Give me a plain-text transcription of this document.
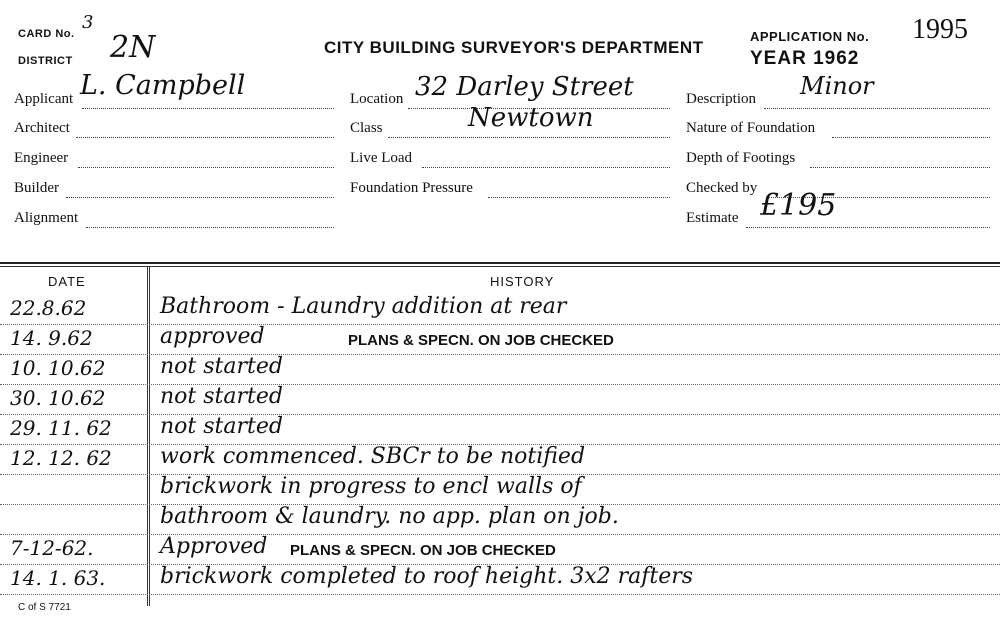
CARD No.
3
DISTRICT 2N	CITY BUILDING SURVEYOR'S DEPARTMENT
APPLICATION No. 1995
YEAR 1962
Applicant L. Campbell
Architect
Engineer
Builder
Alignment
Location 32 Darley Street
Class	Newtown
Live Load
Foundation Pressure
Description Minor
Nature of Foundation
Depth of Footings
Checked by
Estimate £195
DATE	HISTORY
22.8.62	Bathroom - Laundry addition at rear
14. 9.62	approved	PLANS & SPECN. ON JOB CHECKED
10. 10.62 not started
30. 10.62 not started
29. 11. 62 not started
12. 12. 62 work commenced. SBCr to be notified
brickwork in progress to encl walls of
bathroom & laundry. no app. plan on job.
7-12-62.	Approved PLANS & SPECN. ON JOB CHECKED
14. 1. 63. brickwork completed to roof height. 3x2 rafters
C of S 7721
